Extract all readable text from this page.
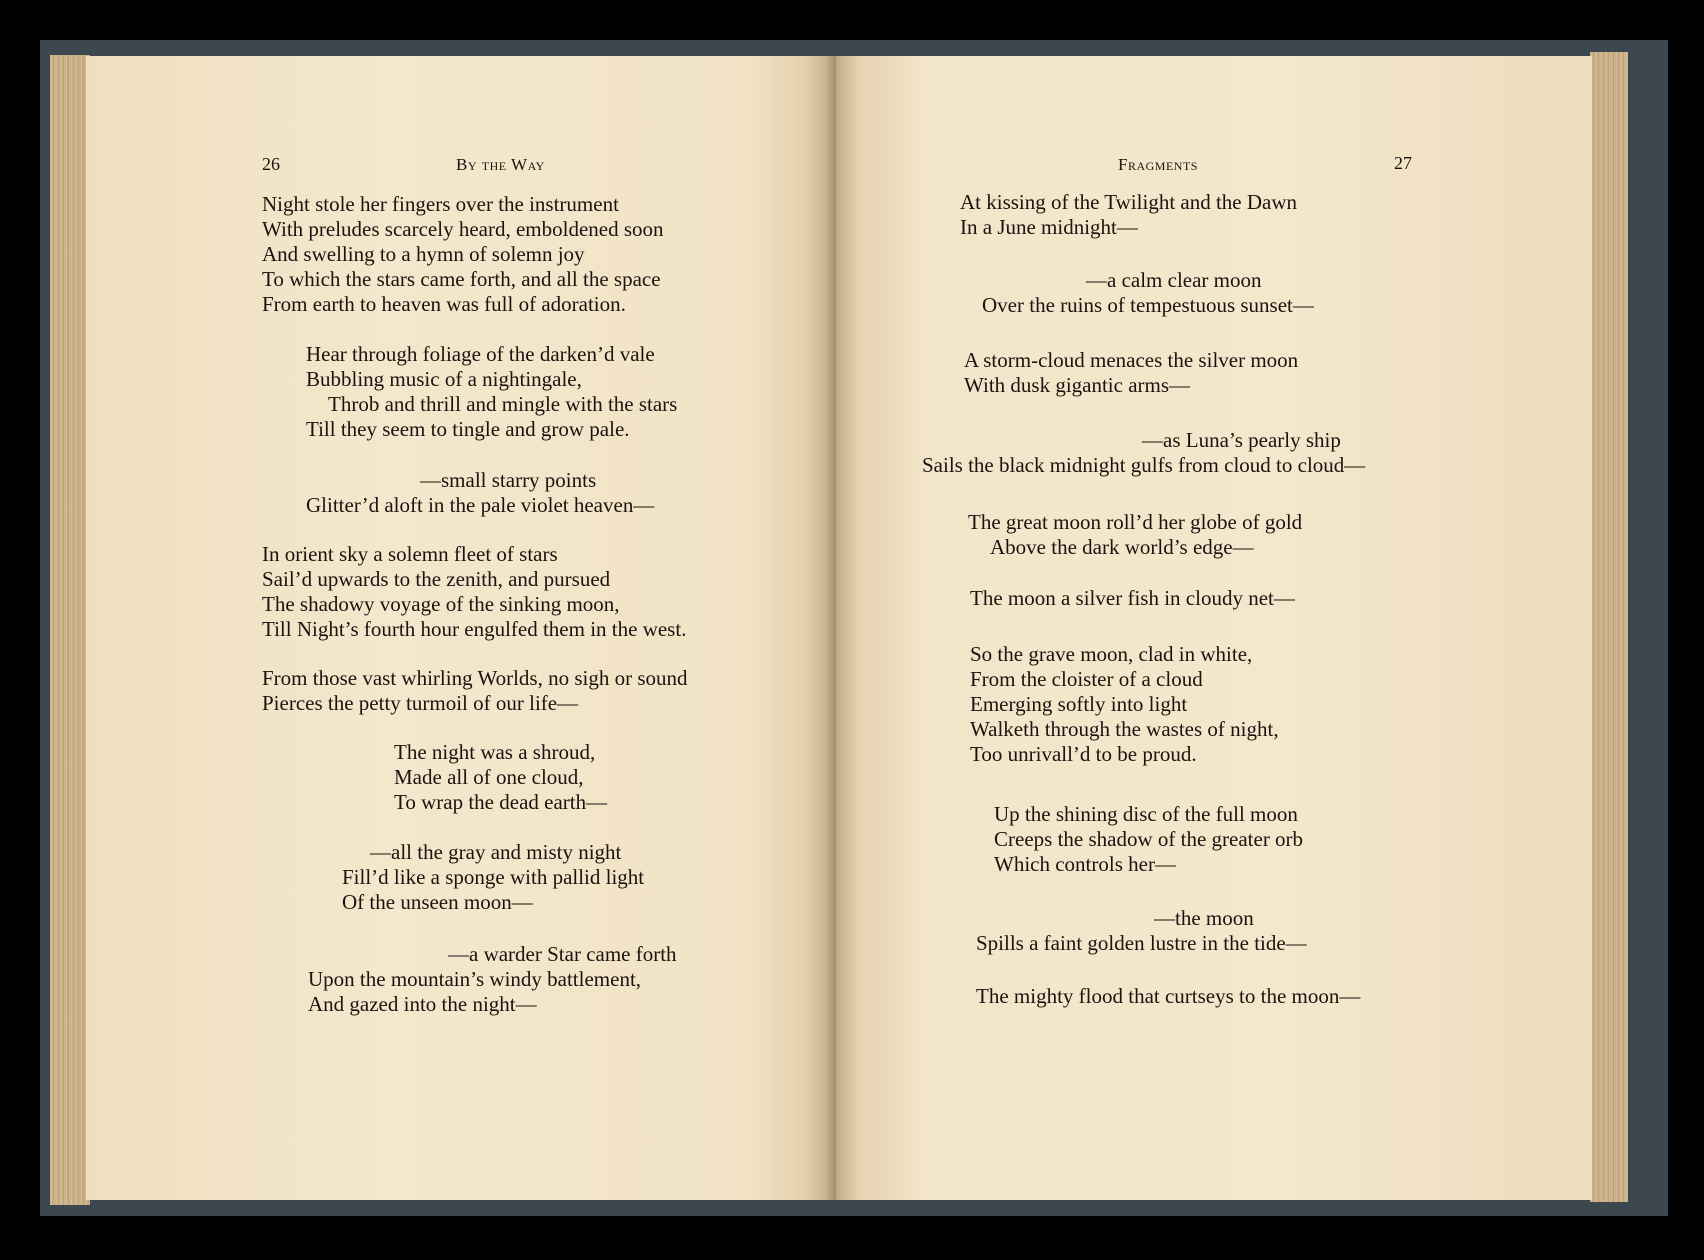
26	By the Way
Night stole her fingers over the instrument
With preludes scarcely heard, emboldened soon
And swelling to a hymn of solemn joy
To which the stars came forth, and all the space
From earth to heaven was full of adoration.
Hear through foliage of the darken’d vale
Bubbling music of a nightingale,
Throb and thrill and mingle with the stars
Till they seem to tingle and grow pale.
—small starry points
Glitter’d aloft in the pale violet heaven—
In orient sky a solemn fleet of stars
Sail’d upwards to the zenith, and pursued
The shadowy voyage of the sinking moon,
Till Night’s fourth hour engulfed them in the west.
From those vast whirling Worlds, no sigh or sound
Pierces the petty turmoil of our life—
The night was a shroud,
Made all of one cloud,
To wrap the dead earth—
—all the gray and misty night
Fill’d like a sponge with pallid light
Of the unseen moon—
—a warder Star came forth
Upon the mountain’s windy battlement,
And gazed into the night—
Fragments	27
At kissing of the Twilight and the Dawn
In a June midnight—
—a calm clear moon
Over the ruins of tempestuous sunset—
A storm-cloud menaces the silver moon
With dusk gigantic arms—
—as Luna’s pearly ship
Sails the black midnight gulfs from cloud to cloud—
The great moon roll’d her globe of gold
Above the dark world’s edge—
The moon a silver fish in cloudy net—
So the grave moon, clad in white,
From the cloister of a cloud
Emerging softly into light
Walketh through the wastes of night,
Too unrivall’d to be proud.
Up the shining disc of the full moon
Creeps the shadow of the greater orb
Which controls her—
—the moon
Spills a faint golden lustre in the tide—
The mighty flood that curtseys to the moon—
